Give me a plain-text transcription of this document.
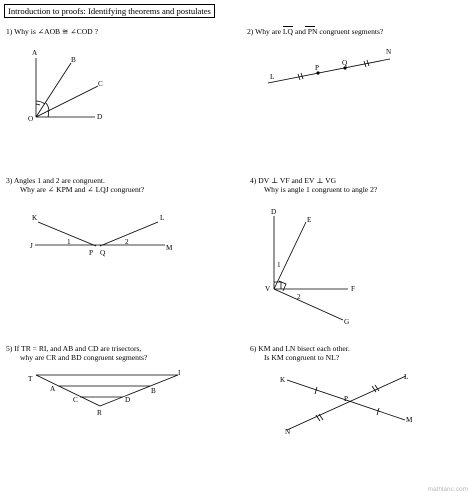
Introduction to proofs: Identifying theorems and postulates
1) Why is ∠AOB ≅ ∠COD ?	2) Why are LQ and PN congruent segments?
3) Angles 1 and 2 are congruent.
Why are ∠ KPM and ∠ LQJ congruent?
4) DV ⊥ VF and EV ⊥ VG
Why is angle 1 congruent to angle 2?
5) If TR = RI, and AB and CD are trisectors,
why are CR and BD congruent segments?
6) KM and LN bisect each other.
Is KM congruent to NL?
A
B
C
D
O
L
P
Q
N
K	L
J	M
P Q
1	2
D
E
F
G
V
1
2
T
I
A	B
C	D
R
K	L
M
N
P
mathlanc.com
